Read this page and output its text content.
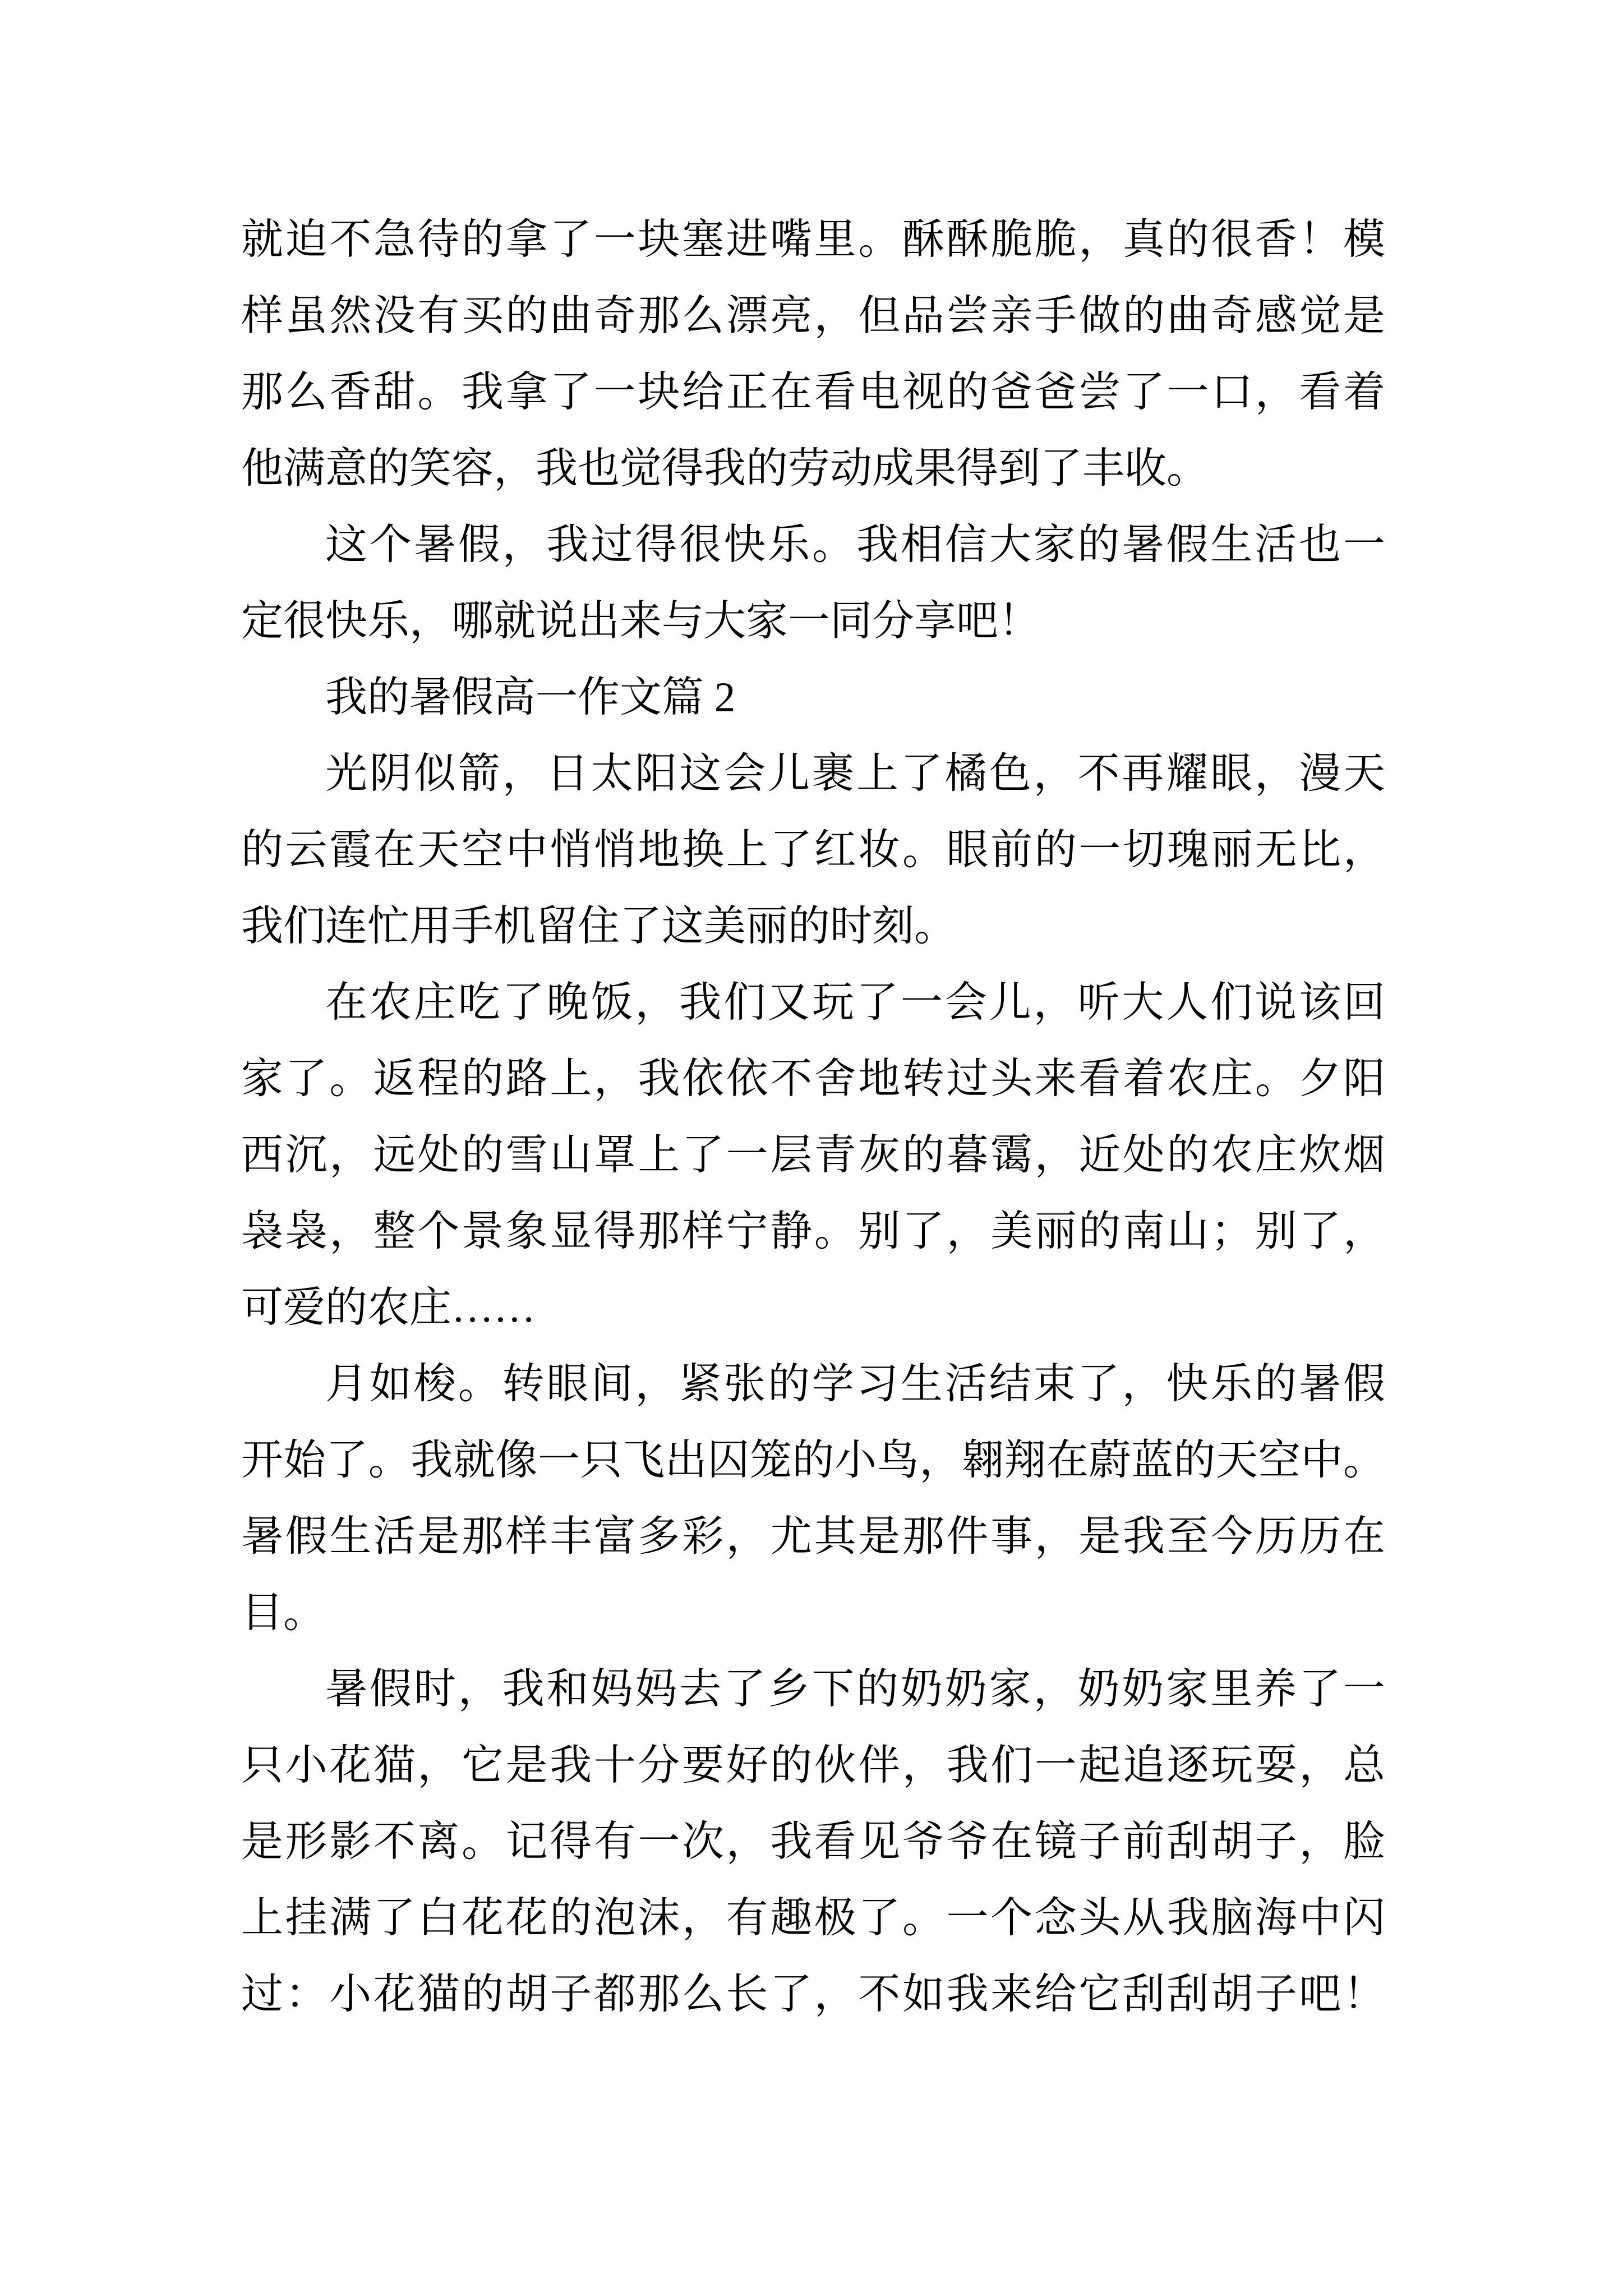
就迫不急待的拿了一块塞进嘴里。酥酥脆脆，真的很香！模
样虽然没有买的曲奇那么漂亮，但品尝亲手做的曲奇感觉是
那么香甜。我拿了一块给正在看电视的爸爸尝了一口，看着
他满意的笑容，我也觉得我的劳动成果得到了丰收。
这个暑假，我过得很快乐。我相信大家的暑假生活也一
定很快乐，哪就说出来与大家一同分享吧！
我的暑假高一作文篇 2
光阴似箭，日太阳这会儿裹上了橘色，不再耀眼，漫天
的云霞在天空中悄悄地换上了红妆。眼前的一切瑰丽无比，
我们连忙用手机留住了这美丽的时刻。
在农庄吃了晚饭，我们又玩了一会儿，听大人们说该回
家了。返程的路上，我依依不舍地转过头来看着农庄。夕阳
西沉，远处的雪山罩上了一层青灰的暮霭，近处的农庄炊烟
袅袅，整个景象显得那样宁静。别了，美丽的南山；别了，
可爱的农庄……
月如梭。转眼间，紧张的学习生活结束了，快乐的暑假
开始了。我就像一只飞出囚笼的小鸟，翱翔在蔚蓝的天空中。
暑假生活是那样丰富多彩，尤其是那件事，是我至今历历在
目。
暑假时，我和妈妈去了乡下的奶奶家，奶奶家里养了一
只小花猫，它是我十分要好的伙伴，我们一起追逐玩耍，总
是形影不离。记得有一次，我看见爷爷在镜子前刮胡子，脸
上挂满了白花花的泡沫，有趣极了。一个念头从我脑海中闪
过：小花猫的胡子都那么长了，不如我来给它刮刮胡子吧！
